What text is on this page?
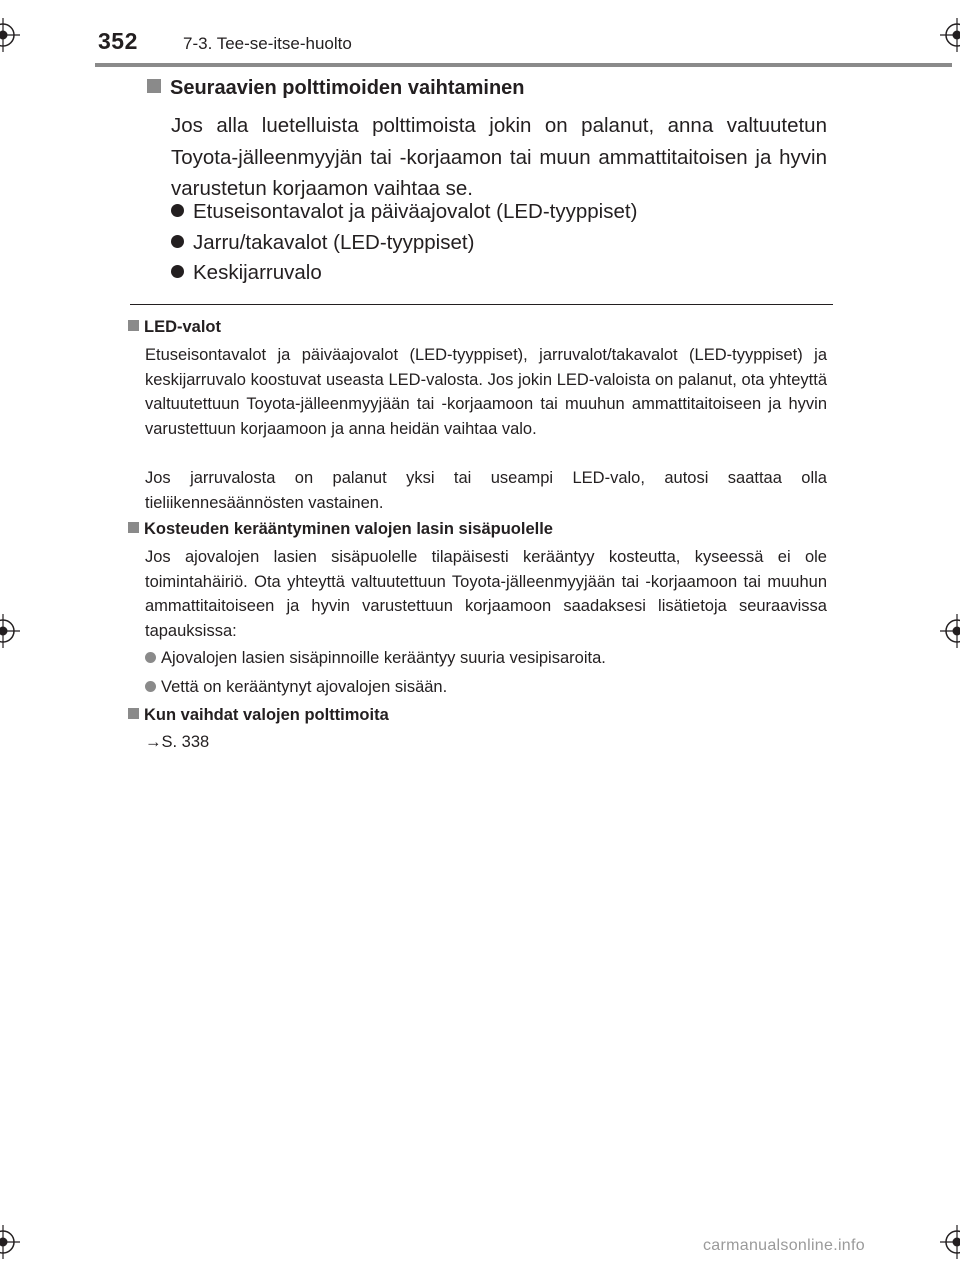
352	7-3. Tee-se-itse-huolto
Seuraavien polttimoiden vaihtaminen
Jos alla luetelluista polttimoista jokin on palanut, anna valtuutetun Toyota-jälleenmyyjän tai -korjaamon tai muun ammattitaitoisen ja hyvin varustetun korjaamon vaihtaa se.
Etuseisontavalot ja päiväajovalot (LED-tyyppiset)
Jarru/takavalot (LED-tyyppiset)
Keskijarruvalo
LED-valot
Etuseisontavalot ja päiväajovalot (LED-tyyppiset), jarruvalot/takavalot (LED-tyyppiset) ja keskijarruvalo koostuvat useasta LED-valosta. Jos jokin LED-valoista on palanut, ota yhteyttä valtuutettuun Toyota-jälleenmyyjään tai -korjaamoon tai muuhun ammattitaitoiseen ja hyvin varustettuun korjaamoon ja anna heidän vaihtaa valo.
Jos jarruvalosta on palanut yksi tai useampi LED-valo, autosi saattaa olla tieliikennesäännösten vastainen.
Kosteuden kerääntyminen valojen lasin sisäpuolelle
Jos ajovalojen lasien sisäpuolelle tilapäisesti kerääntyy kosteutta, kyseessä ei ole toimintahäiriö. Ota yhteyttä valtuutettuun Toyota-jälleenmyyjään tai -korjaamoon tai muuhun ammattitaitoiseen ja hyvin varustettuun korjaamoon saadaksesi lisätietoja seuraavissa tapauksissa:
Ajovalojen lasien sisäpinnoille kerääntyy suuria vesipisaroita.
Vettä on kerääntynyt ajovalojen sisään.
Kun vaihdat valojen polttimoita
→S. 338
carmanualsonline.info
